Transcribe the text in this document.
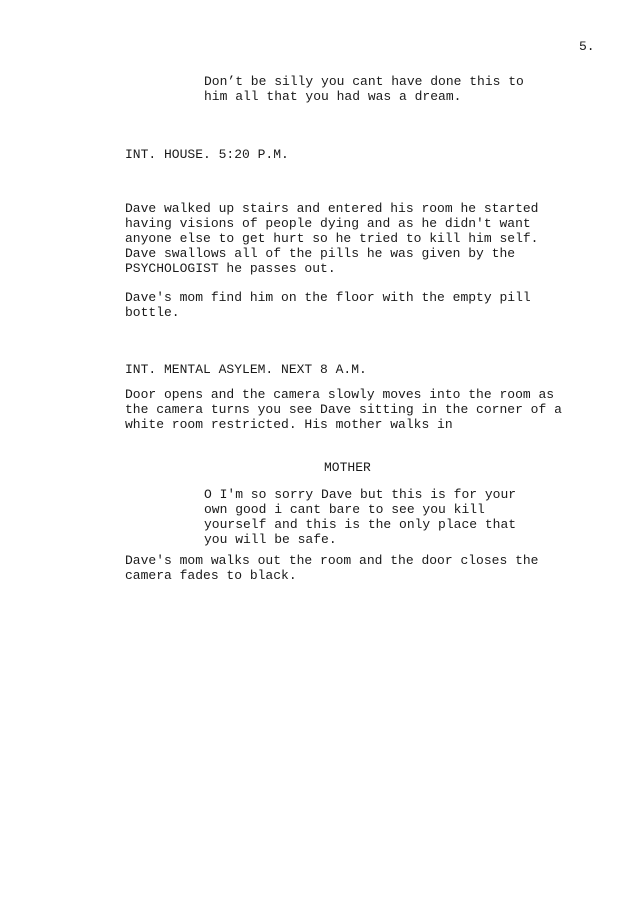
5.
Don’t be silly you cant have done this to
him all that you had was a dream.
INT. HOUSE. 5:20 P.M.
Dave walked up stairs and entered his room he started
having visions of people dying and as he didn't want
anyone else to get hurt so he tried to kill him self.
Dave swallows all of the pills he was given by the
PSYCHOLOGIST he passes out.
Dave's mom find him on the floor with the empty pill
bottle.
INT. MENTAL ASYLEM. NEXT 8 A.M.
Door opens and the camera slowly moves into the room as
the camera turns you see Dave sitting in the corner of a
white room restricted. His mother walks in
MOTHER
O I'm so sorry Dave but this is for your
own good i cant bare to see you kill
yourself and this is the only place that
you will be safe.
Dave's mom walks out the room and the door closes the
camera fades to black.
